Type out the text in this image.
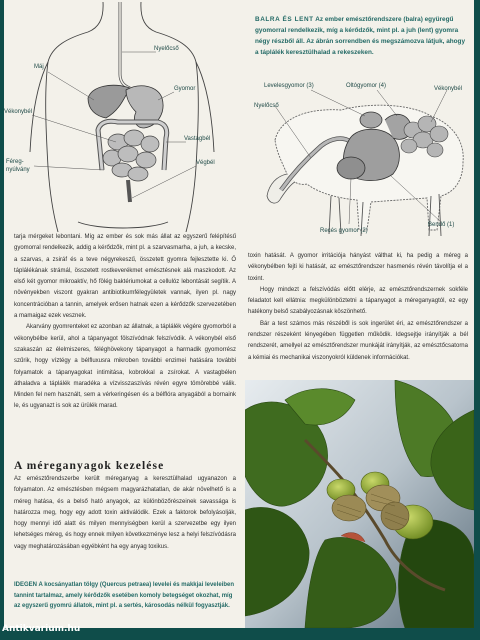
Nyelőcső
Máj
Gyomor
Vékonybél
Vastagbél
Féreg-
nyúlvány
Végbél
BALRA ÉS LENT Az ember emésztőrendszere (balra) együregű gyomorral rendelkezik, míg a kérődzők, mint pl. a juh (lent) gyomra négy részből áll. Az ábrán sorrendben és megszámozva látjuk, ahogy a táplálék keresztülhalad a rekeszeken.
Levelesgyomor (3)	Oltógyomor (4)
Nyelőcső
Vékonybél
Recés gyomor (2)
Bendő (1)

tarja mérgeket lebontani. Míg az ember és sok más állat az egyszerű felépítésű gyomorral rendelkezik, addig a kérődzők, mint pl. a szarvasmarha, a juh, a kecske, a szarvas, a zsiráf és a teve négyrekeszű, összetett gyomra fejlesztette ki. Ő táplálékának strámál, összetett rostkeverékmet emésztésnek alá maszkodott. Az első két gyomor mikroaktív, hő fölég baktériumokat a cellulóz lebontását segítik. A növényekben viszont gyakran antibiotikumfélegyületek vannak, ilyen pl. nagy koncentrációban a tannin, amelyek erősen hatnak ezen a kérődzők szervezetében a mamaigaz ezek vesznek.

Akarvány gyomrenteket ez azonban az állatnak, a táplálék végére gyomorból a vékonybélbe kerül, ahol a tápanyagot fölszívódnak felszívódik. A vékonybél első szakaszán az élelmiszeres, féléghövekony tápanyagot a harmadik gyomorrész szűrik, hogy víztégy a bélfluxusra mikroben további enzimei hatására további folyamatok a tápanyagokat intimitása, kobrokkal a zsírokat. A vastagbélen áthaladva a táplálék maradéka a vízvisszaszívás révén egyre tömörebbé válik. Minden fel nem használt, sem a vérkeringésen és a bélflóra anyagából a bornaink le, és ugyanazt is sok az ürülék marad.

A méreganyagok kezelése

Az emésztőrendszerbe került méreganyag a keresztülhalad ugyanazon a folyamaton. Az emésztésben mégsem magyarázhatatlan, de akár növelhető is a méreg hatása, és a belső ható anyagok, az különbözőrészeinek savassága is határozza meg, hogy egy adott toxin aktiválódik. Ezek a faktorok befolyásolják, hogy mennyi idő alatt és milyen mennyiségben kerül a szervezetbe egy ilyen lehetséges méreg, és hogy ennek milyen következménye lesz a helyi felszívódásra vagy meghatározásában egyébként ha egy anyag toxikus.

IDEGEN A kocsányatlan tölgy (Quercus petraea) levelei és makkjai leveleiben tannint tartalmaz, amely kérődzők esetében komoly betegséget okozhat, míg az egyszerű gyomrú állatok, mint pl. a sertés, károsodás nélkül fogyasztják.

toxin hatását. A gyomor irritációja hányást válthat ki, ha pedig a méreg a vékonybélben fejti ki hatását, az emésztőrendszer hasmenés révén távolítja el a toxint.

Hogy mindezt a felszívódás előtt elérje, az emésztőrendszernek sokféle feladatot kell ellátnia: megkülönböztetni a tápanyagot a méreganyagtól, ez egy hatékony belső szabályozásnak köszönhető.

Bár a test számos más részéből is sok ingerület éri, az emésztőrendszer a rendszer részeként lényegében független működik. Idegsejtje irányítják a bél rendszerét, amellyel az emésztőrendszer munkáját irányítják, az emésztőcsatorna a kémiai és mechanikai viszonyokról küldenek információkat.

Antikvarium.hu
